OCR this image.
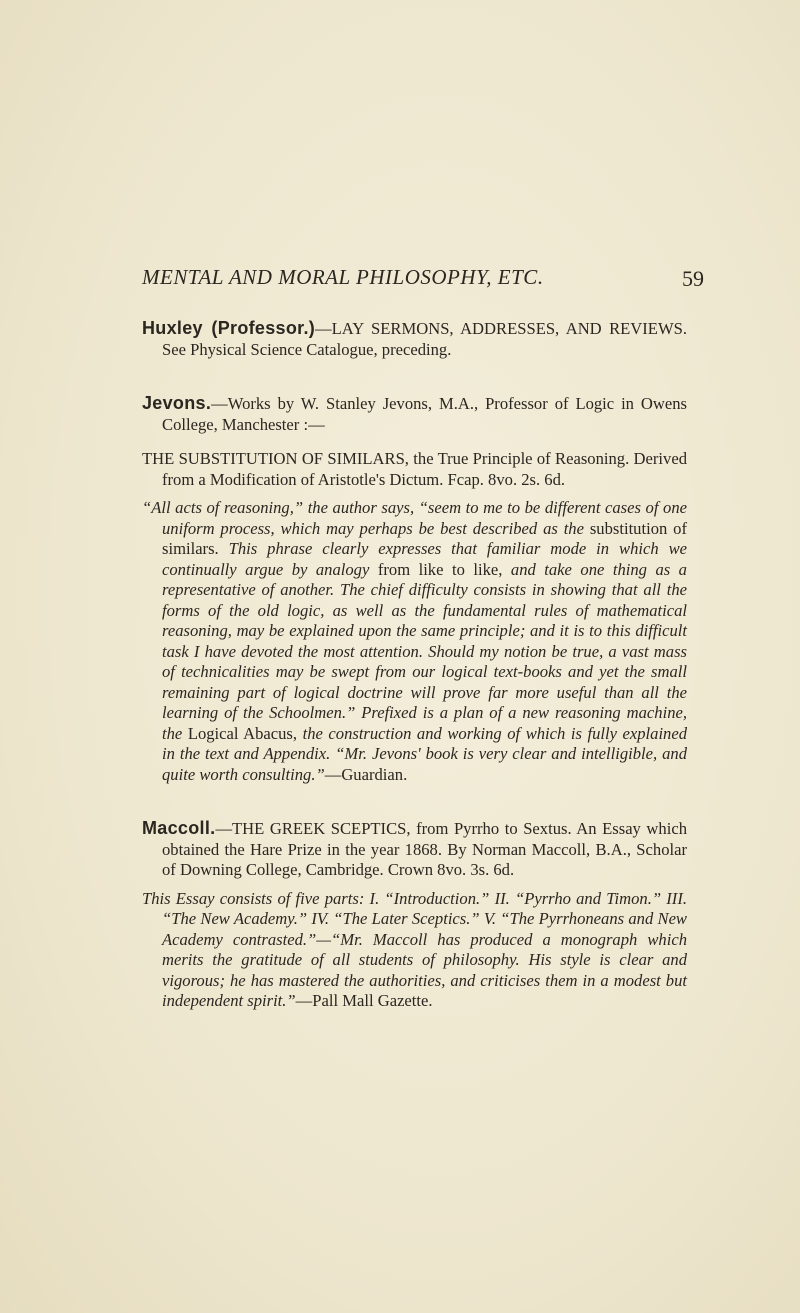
MENTAL AND MORAL PHILOSOPHY, ETC.	59

Huxley (Professor.)—LAY SERMONS, ADDRESSES, AND REVIEWS. See Physical Science Catalogue, preceding.

Jevons.—Works by W. Stanley Jevons, M.A., Professor of Logic in Owens College, Manchester :—

THE SUBSTITUTION OF SIMILARS, the True Principle of Reasoning. Derived from a Modification of Aristotle's Dictum. Fcap. 8vo. 2s. 6d.

“All acts of reasoning,” the author says, “seem to me to be different cases of one uniform process, which may perhaps be best described as the substitution of similars. This phrase clearly expresses that familiar mode in which we continually argue by analogy from like to like, and take one thing as a representative of another. The chief difficulty consists in showing that all the forms of the old logic, as well as the fundamental rules of mathematical reasoning, may be explained upon the same principle; and it is to this difficult task I have devoted the most attention. Should my notion be true, a vast mass of technicalities may be swept from our logical text-books and yet the small remaining part of logical doctrine will prove far more useful than all the learning of the Schoolmen.” Prefixed is a plan of a new reasoning machine, the Logical Abacus, the construction and working of which is fully explained in the text and Appendix. “Mr. Jevons' book is very clear and intelligible, and quite worth consulting.”—Guardian.

Maccoll.—THE GREEK SCEPTICS, from Pyrrho to Sextus. An Essay which obtained the Hare Prize in the year 1868. By Norman Maccoll, B.A., Scholar of Downing College, Cambridge. Crown 8vo. 3s. 6d.

This Essay consists of five parts: I. “Introduction.” II. “Pyrrho and Timon.” III. “The New Academy.” IV. “The Later Sceptics.” V. “The Pyrrhoneans and New Academy contrasted.”—“Mr. Maccoll has produced a monograph which merits the gratitude of all students of philosophy. His style is clear and vigorous; he has mastered the authorities, and criticises them in a modest but independent spirit.”—Pall Mall Gazette.
